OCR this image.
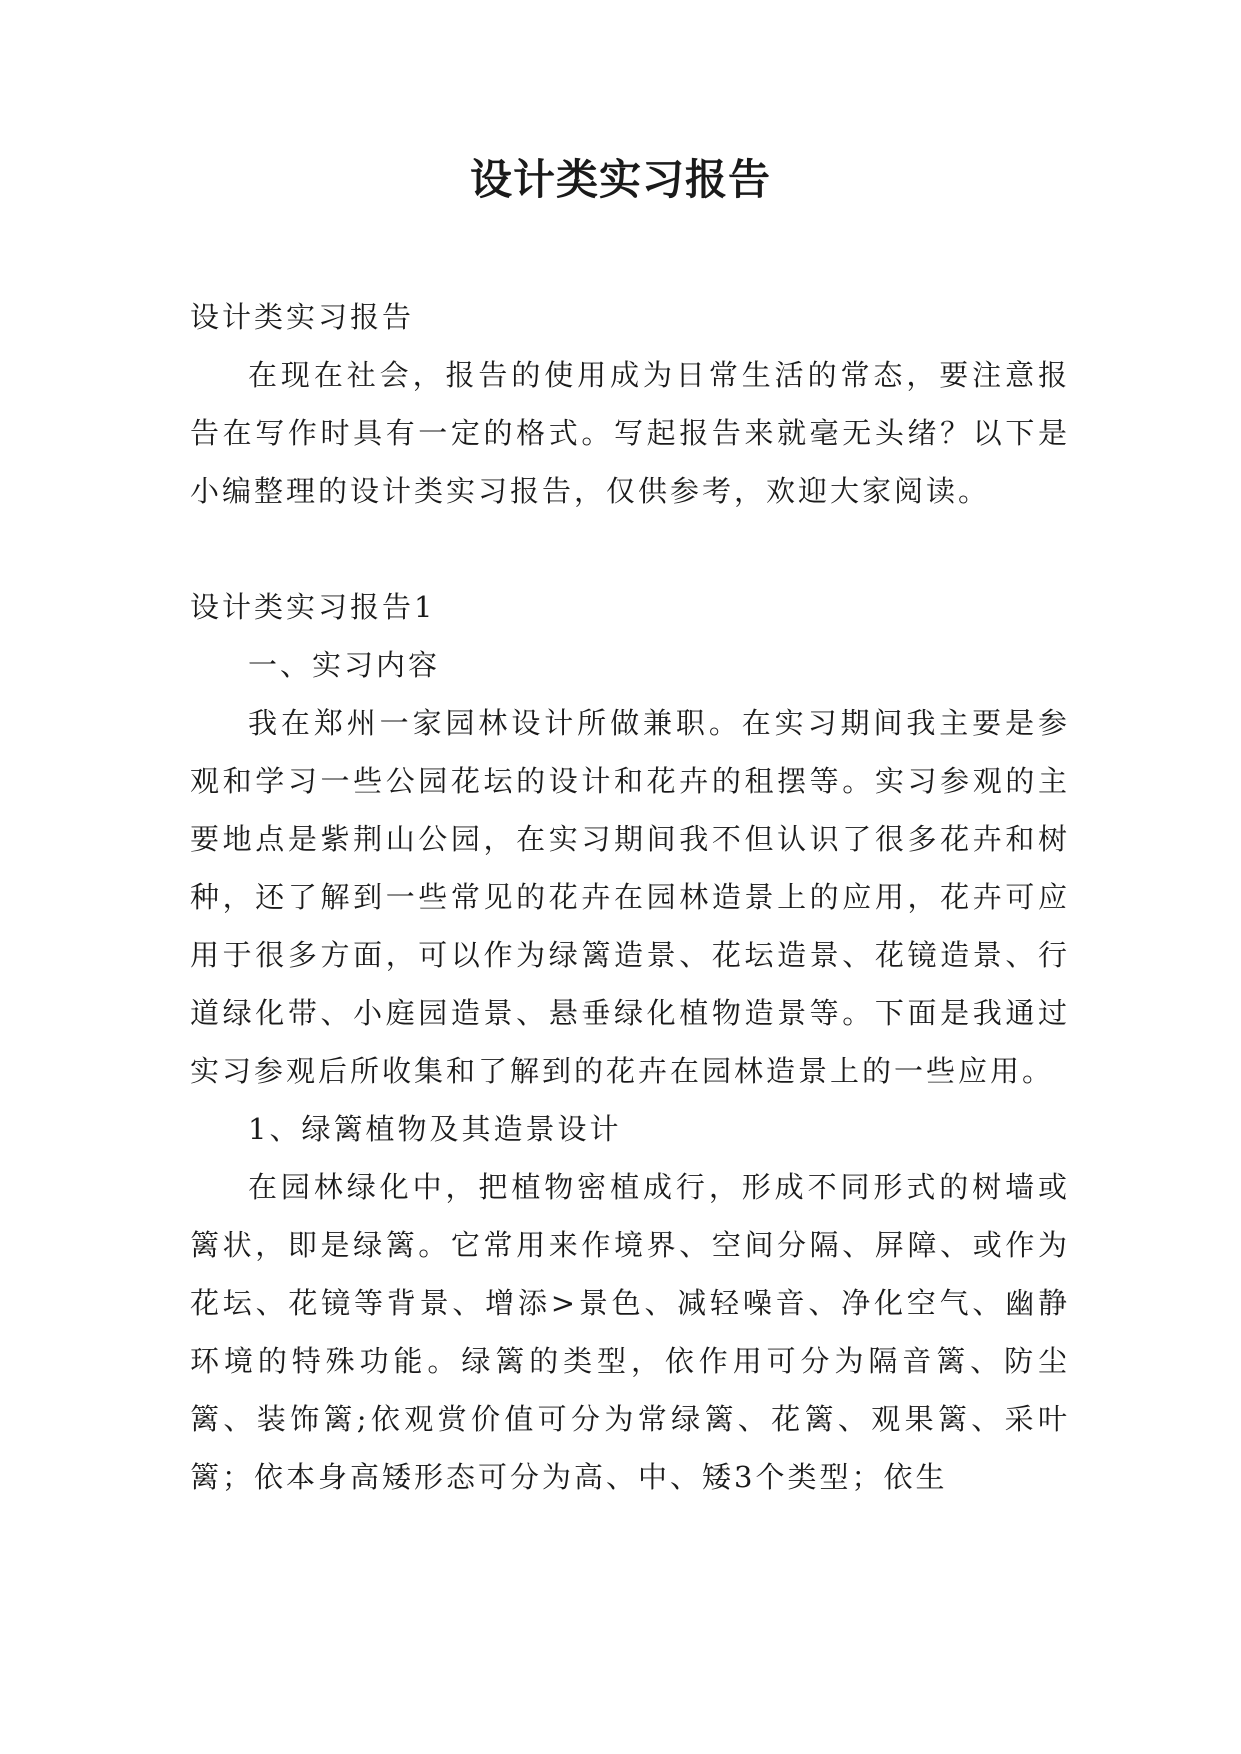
设计类实习报告

设计类实习报告

在现在社会，报告的使用成为日常生活的常态，要注意报告在写作时具有一定的格式。写起报告来就毫无头绪？以下是小编整理的设计类实习报告，仅供参考，欢迎大家阅读。

设计类实习报告1

一、实习内容

我在郑州一家园林设计所做兼职。在实习期间我主要是参观和学习一些公园花坛的设计和花卉的租摆等。实习参观的主要地点是紫荆山公园，在实习期间我不但认识了很多花卉和树种，还了解到一些常见的花卉在园林造景上的应用，花卉可应用于很多方面，可以作为绿篱造景、花坛造景、花镜造景、行道绿化带、小庭园造景、悬垂绿化植物造景等。下面是我通过实习参观后所收集和了解到的花卉在园林造景上的一些应用。

1、绿篱植物及其造景设计

在园林绿化中，把植物密植成行，形成不同形式的树墙或篱状，即是绿篱。它常用来作境界、空间分隔、屏障、或作为花坛、花镜等背景、增添>景色、减轻噪音、净化空气、幽静环境的特殊功能。绿篱的类型，依作用可分为隔音篱、防尘篱、装饰篱;依观赏价值可分为常绿篱、花篱、观果篱、采叶篱；依本身高矮形态可分为高、中、矮3个类型；依生
